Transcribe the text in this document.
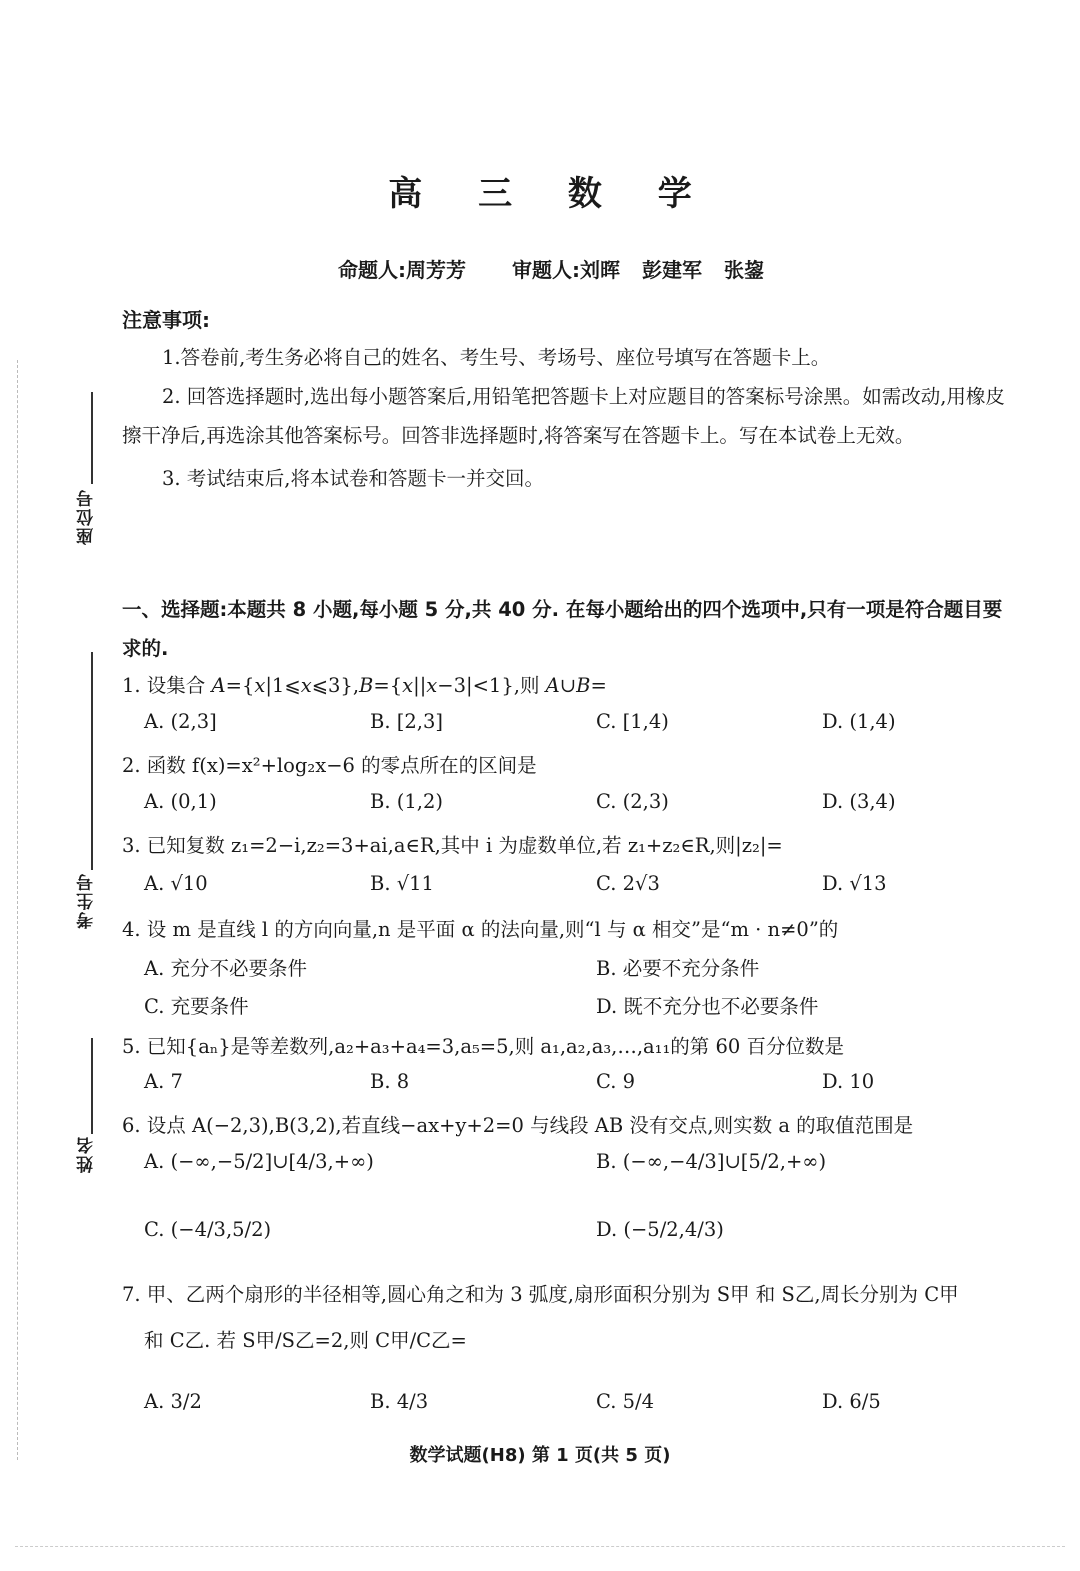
高 三 数 学
命题人:周芳芳 审题人:刘晖 彭建军 张鋆
注意事项:

1.答卷前,考生务必将自己的姓名、考生号、考场号、座位号填写在答题卡上。

2. 回答选择题时,选出每小题答案后,用铅笔把答题卡上对应题目的答案标号涂黑。如需改动,用橡皮擦干净后,再选涂其他答案标号。回答非选择题时,将答案写在答题卡上。写在本试卷上无效。

3. 考试结束后,将本试卷和答题卡一并交回。

座位号
考生号
姓名
一、选择题:本题共 8 小题,每小题 5 分,共 40 分. 在每小题给出的四个选项中,只有一项是符合题目要求的.
1. 设集合 A={x|1⩽x⩽3},B={x||x−3|<1},则 A∪B=
A. (2,3]	B. [2,3]	C. [1,4)	D. (1,4)
2. 函数 f(x)=x²+log₂x−6 的零点所在的区间是
A. (0,1)	B. (1,2)	C. (2,3)	D. (3,4)
3. 已知复数 z₁=2−i,z₂=3+ai,a∈R,其中 i 为虚数单位,若 z₁+z₂∈R,则|z₂|=
A. √10	B. √11	C. 2√3	D. √13
4. 设 m 是直线 l 的方向向量,n 是平面 α 的法向量,则“l 与 α 相交”是“m · n≠0”的
A. 充分不必要条件	B. 必要不充分条件
C. 充要条件	D. 既不充分也不必要条件
5. 已知{aₙ}是等差数列,a₂+a₃+a₄=3,a₅=5,则 a₁,a₂,a₃,…,a₁₁的第 60 百分位数是
A. 7	B. 8	C. 9	D. 10
6. 设点 A(−2,3),B(3,2),若直线−ax+y+2=0 与线段 AB 没有交点,则实数 a 的取值范围是
A. (−∞,−5/2]∪[4/3,+∞)	B. (−∞,−4/3]∪[5/2,+∞)
C. (−4/3,5/2)	D. (−5/2,4/3)
7. 甲、乙两个扇形的半径相等,圆心角之和为 3 弧度,扇形面积分别为 S甲 和 S乙,周长分别为 C甲
和 C乙. 若 S甲/S乙=2,则 C甲/C乙=
A. 3/2	B. 4/3	C. 5/4	D. 6/5
数学试题(H8) 第 1 页(共 5 页)
